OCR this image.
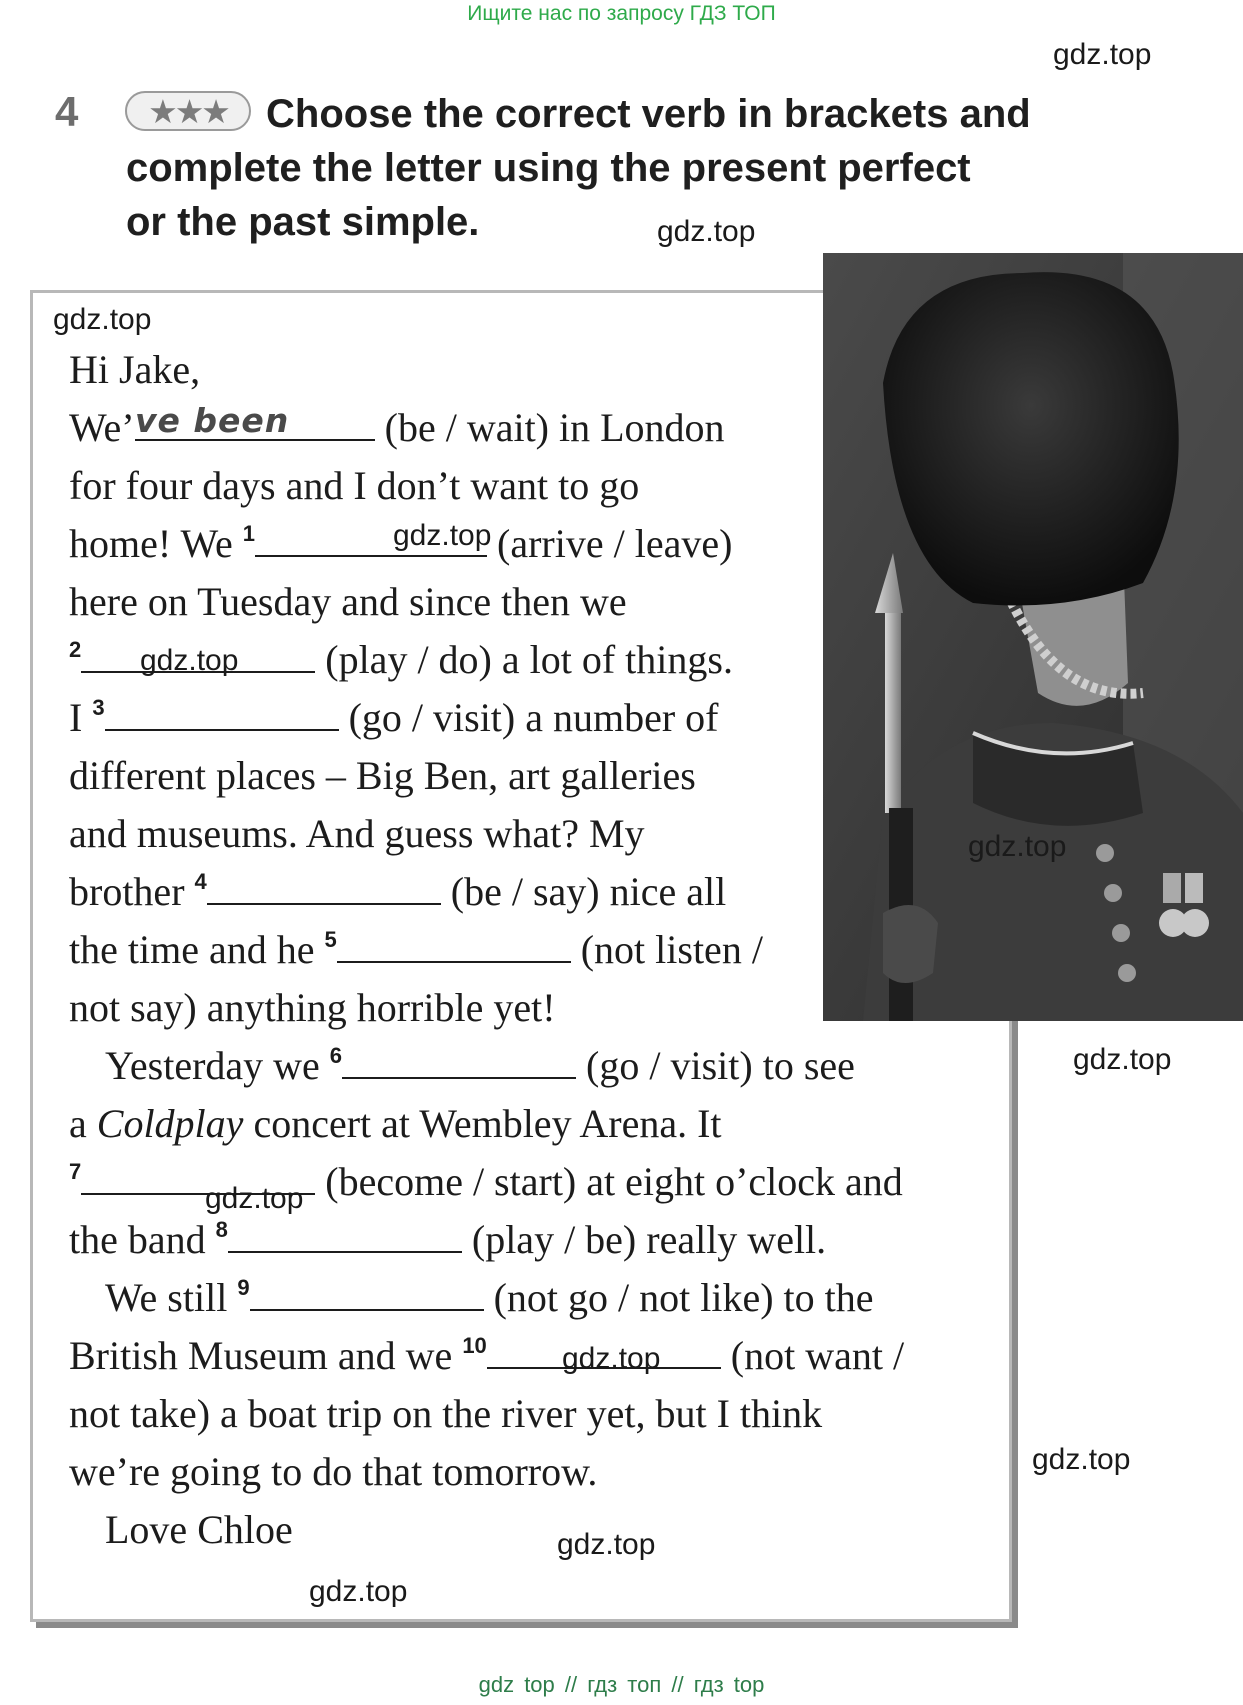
Ищите нас по запросу ГДЗ ТОП
gdz top // гдз топ // гдз top
4	★★★ Choose the correct verb in brackets and
complete the letter using the present perfect
or the past simple.
Hi Jake,
We’	(be / wait) in London
ve been
for four days and I don’t want to go
home! We $^1$	(arrive / leave)
here on Tuesday and since then we
$^2$	(play / do) a lot of things.
I $^3$	(go / visit) a number of
different places – Big Ben, art galleries
and museums. And guess what? My
brother $^4$	(be / say) nice all
the time and he $^5$	(not listen /
not say) anything horrible yet!
Yesterday we $^6$	(go / visit) to see
a Coldplay concert at Wembley Arena. It
$^7$	(become / start) at eight o’clock and
the band $^8$	(play / be) really well.
We still $^9$	(not go / not like) to the
British Museum and we $^{10}$	(not want /
not take) a boat trip on the river yet, but I think
we’re going to do that tomorrow.
Love Chloe
gdz.top
gdz.top
gdz.top
gdz.top
gdz.top
gdz.top
gdz.top
gdz.top
gdz.top
gdz.top
gdz.top
gdz.top
